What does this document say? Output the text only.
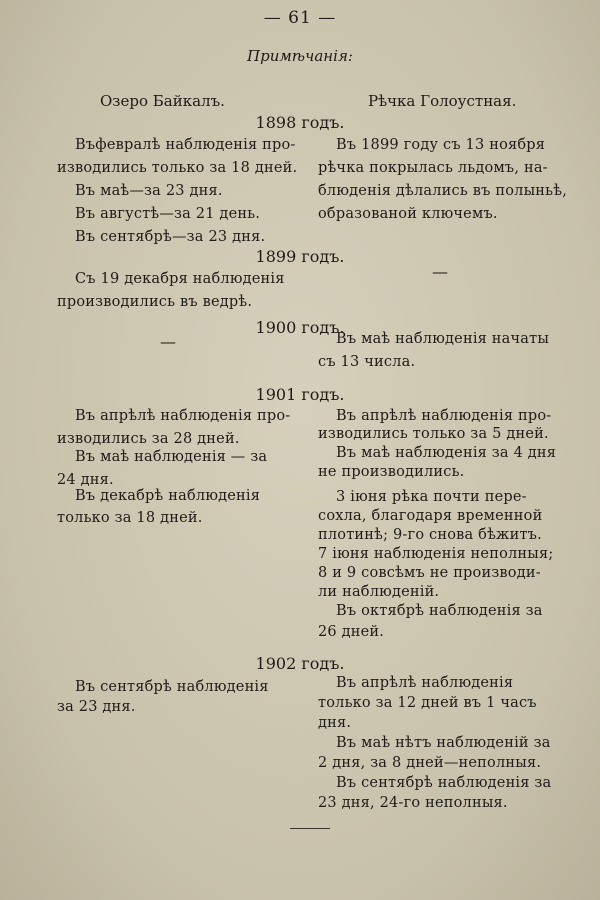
— 61 —
Примѣчанія:
Озеро Байкалъ.	Рѣчка Голоустная.
1898 годъ.
Въфевралѣ наблюденія про-
изводились только за 18 дней.
Въ маѣ—за 23 дня.
Въ августѣ—за 21 день.
Въ сентябрѣ—за 23 дня.
Въ 1899 году съ 13 ноября
рѣчка покрылась льдомъ, на-
блюденія дѣлались въ полыньѣ,
образованой ключемъ.
1899 годъ.
Съ 19 декабря наблюденія
производились въ ведрѣ.
—
1900 годъ.
—	Въ маѣ наблюденія начаты
съ 13 числа.
1901 годъ.
Въ апрѣлѣ наблюденія про-
изводились за 28 дней.
Въ маѣ наблюденія — за
24 дня.
Въ декабрѣ наблюденія
только за 18 дней.
Въ апрѣлѣ наблюденія про-
изводились только за 5 дней.
Въ маѣ наблюденія за 4 дня
не производились.
3 іюня рѣка почти пере-
сохла, благодаря временной
плотинѣ; 9-го снова бѣжитъ.
7 іюня наблюденія неполныя;
8 и 9 совсѣмъ не производи-
ли наблюденій.
Въ октябрѣ наблюденія за
26 дней.
1902 годъ.
Въ сентябрѣ наблюденія
за 23 дня.
Въ апрѣлѣ наблюденія
только за 12 дней въ 1 часъ
дня.
Въ маѣ нѣтъ наблюденій за
2 дня, за 8 дней—неполныя.
Въ сентябрѣ наблюденія за
23 дня, 24-го неполныя.
